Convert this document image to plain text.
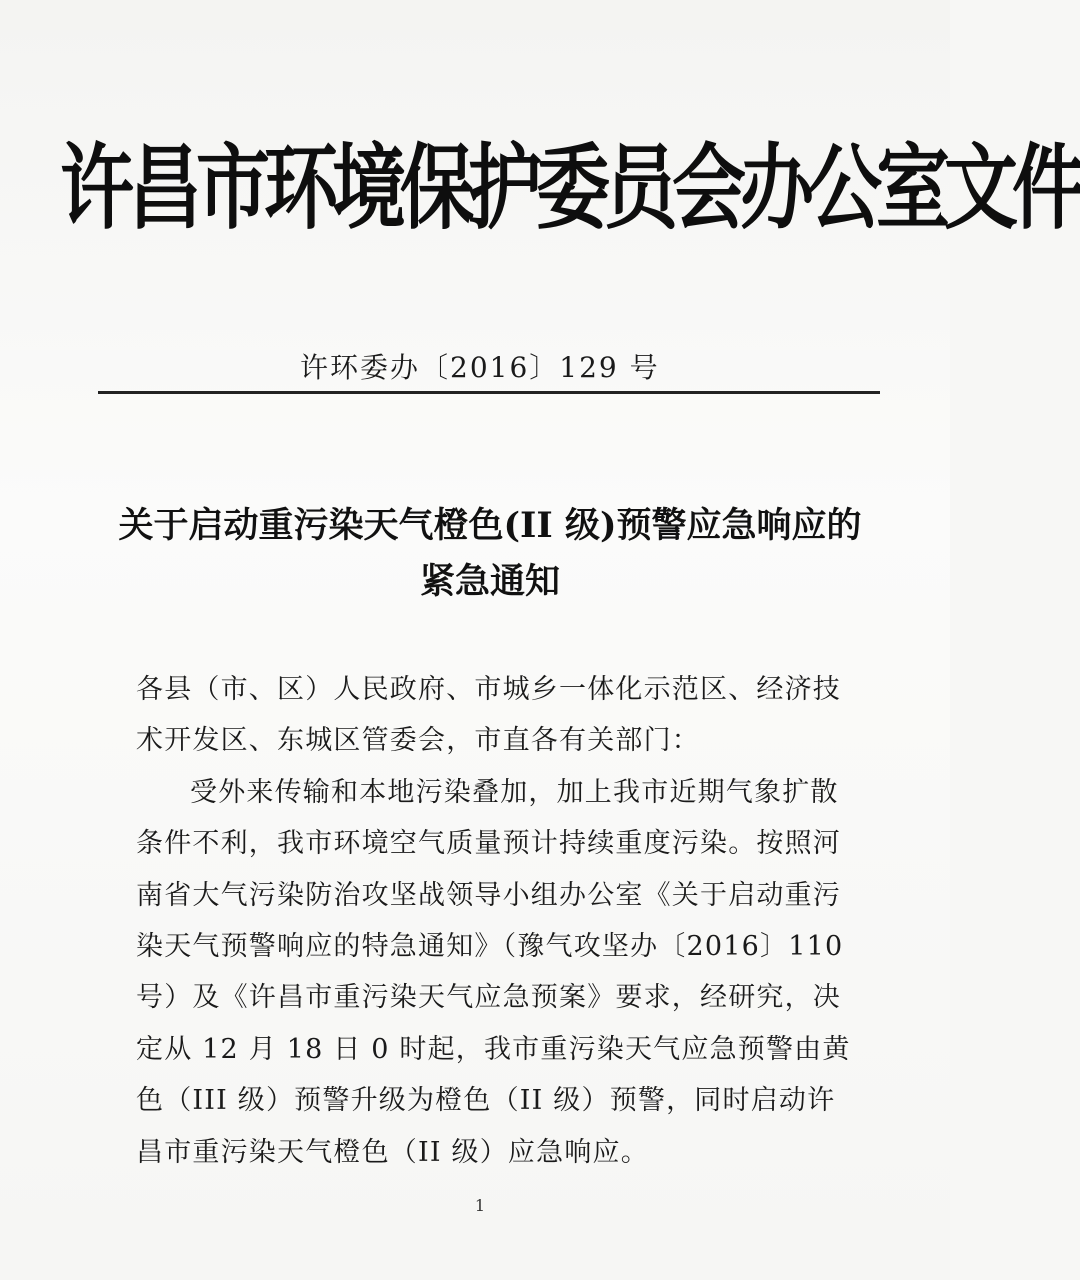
许昌市环境保护委员会办公室文件
许环委办〔2016〕129 号
关于启动重污染天气橙色(II 级)预警应急响应的紧急通知

各县（市、区）人民政府、市城乡一体化示范区、经济技术开发区、东城区管委会，市直各有关部门：

受外来传输和本地污染叠加，加上我市近期气象扩散条件不利，我市环境空气质量预计持续重度污染。按照河南省大气污染防治攻坚战领导小组办公室《关于启动重污染天气预警响应的特急通知》（豫气攻坚办〔2016〕110 号）及《许昌市重污染天气应急预案》要求，经研究，决定从 12 月 18 日 0 时起，我市重污染天气应急预警由黄色（III 级）预警升级为橙色（II 级）预警，同时启动许昌市重污染天气橙色（II 级）应急响应。

1
